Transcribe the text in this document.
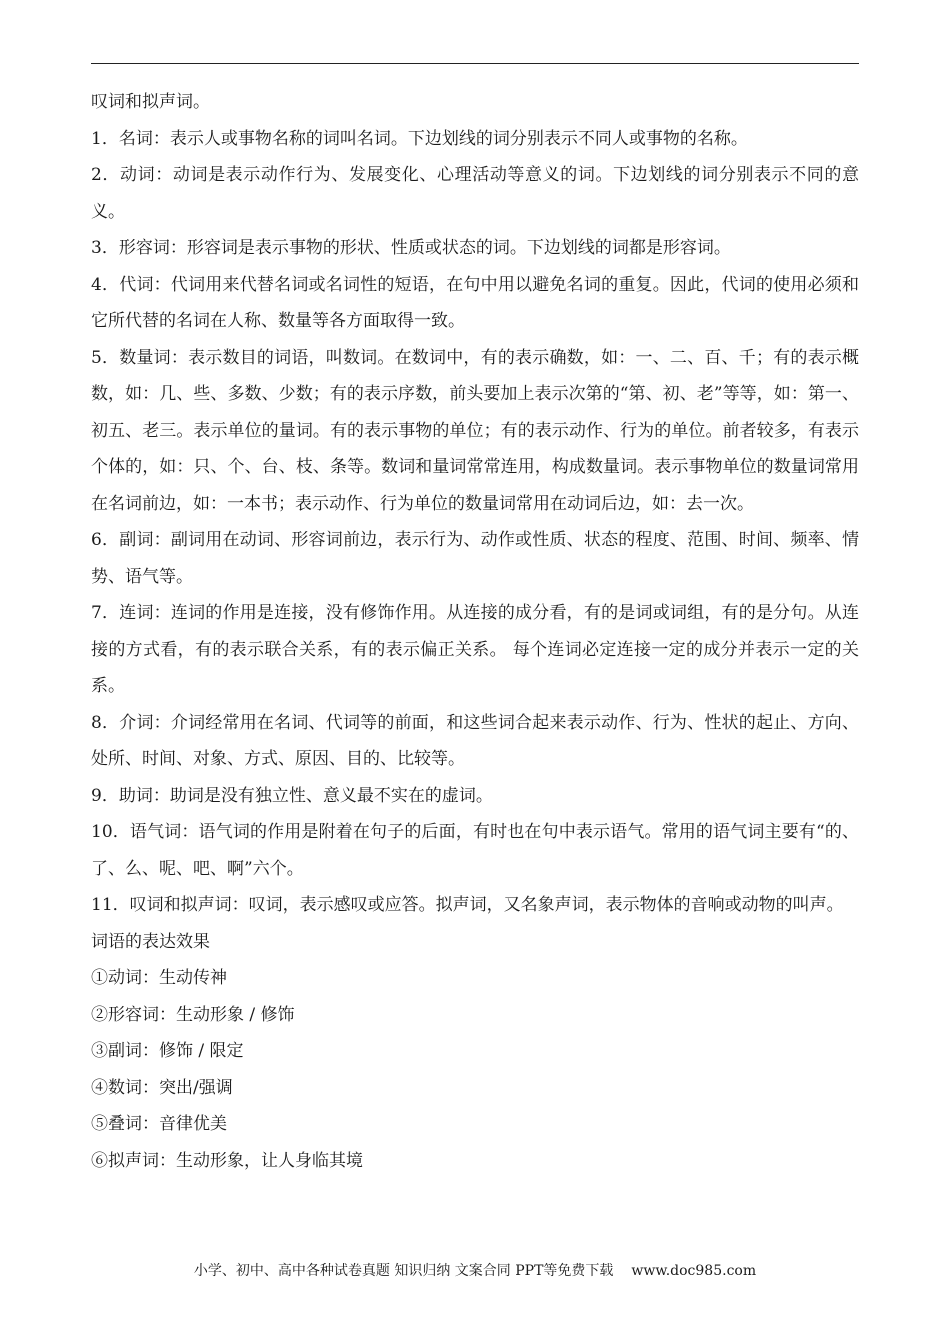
叹词和拟声词。

1．名词：表示人或事物名称的词叫名词。下边划线的词分别表示不同人或事物的名称。

2．动词：动词是表示动作行为、发展变化、心理活动等意义的词。下边划线的词分别表示不同的意义。

3．形容词：形容词是表示事物的形状、性质或状态的词。下边划线的词都是形容词。

4．代词：代词用来代替名词或名词性的短语，在句中用以避免名词的重复。因此，代词的使用必须和它所代替的名词在人称、数量等各方面取得一致。

5．数量词：表示数目的词语，叫数词。在数词中，有的表示确数，如：一、二、百、千；有的表示概数，如：几、些、多数、少数；有的表示序数，前头要加上表示次第的“第、初、老”等等，如：第一、初五、老三。表示单位的量词。有的表示事物的单位；有的表示动作、行为的单位。前者较多，有表示个体的，如：只、个、台、枝、条等。数词和量词常常连用，构成数量词。表示事物单位的数量词常用在名词前边，如：一本书；表示动作、行为单位的数量词常用在动词后边，如：去一次。

6．副词：副词用在动词、形容词前边，表示行为、动作或性质、状态的程度、范围、时间、频率、情势、语气等。

7．连词：连词的作用是连接，没有修饰作用。从连接的成分看，有的是词或词组，有的是分句。从连接的方式看，有的表示联合关系，有的表示偏正关系。 每个连词必定连接一定的成分并表示一定的关系。

8．介词：介词经常用在名词、代词等的前面，和这些词合起来表示动作、行为、性状的起止、方向、处所、时间、对象、方式、原因、目的、比较等。

9．助词：助词是没有独立性、意义最不实在的虚词。

10．语气词：语气词的作用是附着在句子的后面，有时也在句中表示语气。常用的语气词主要有“的、了、么、呢、吧、啊”六个。

11．叹词和拟声词：叹词，表示感叹或应答。拟声词，又名象声词，表示物体的音响或动物的叫声。

词语的表达效果

①动词：生动传神

②形容词：生动形象 / 修饰

③副词：修饰 / 限定

④数词：突出/强调

⑤叠词：音律优美

⑥拟声词：生动形象，让人身临其境

小学、初中、高中各种试卷真题 知识归纳 文案合同 PPT等免费下载 www.doc985.com
